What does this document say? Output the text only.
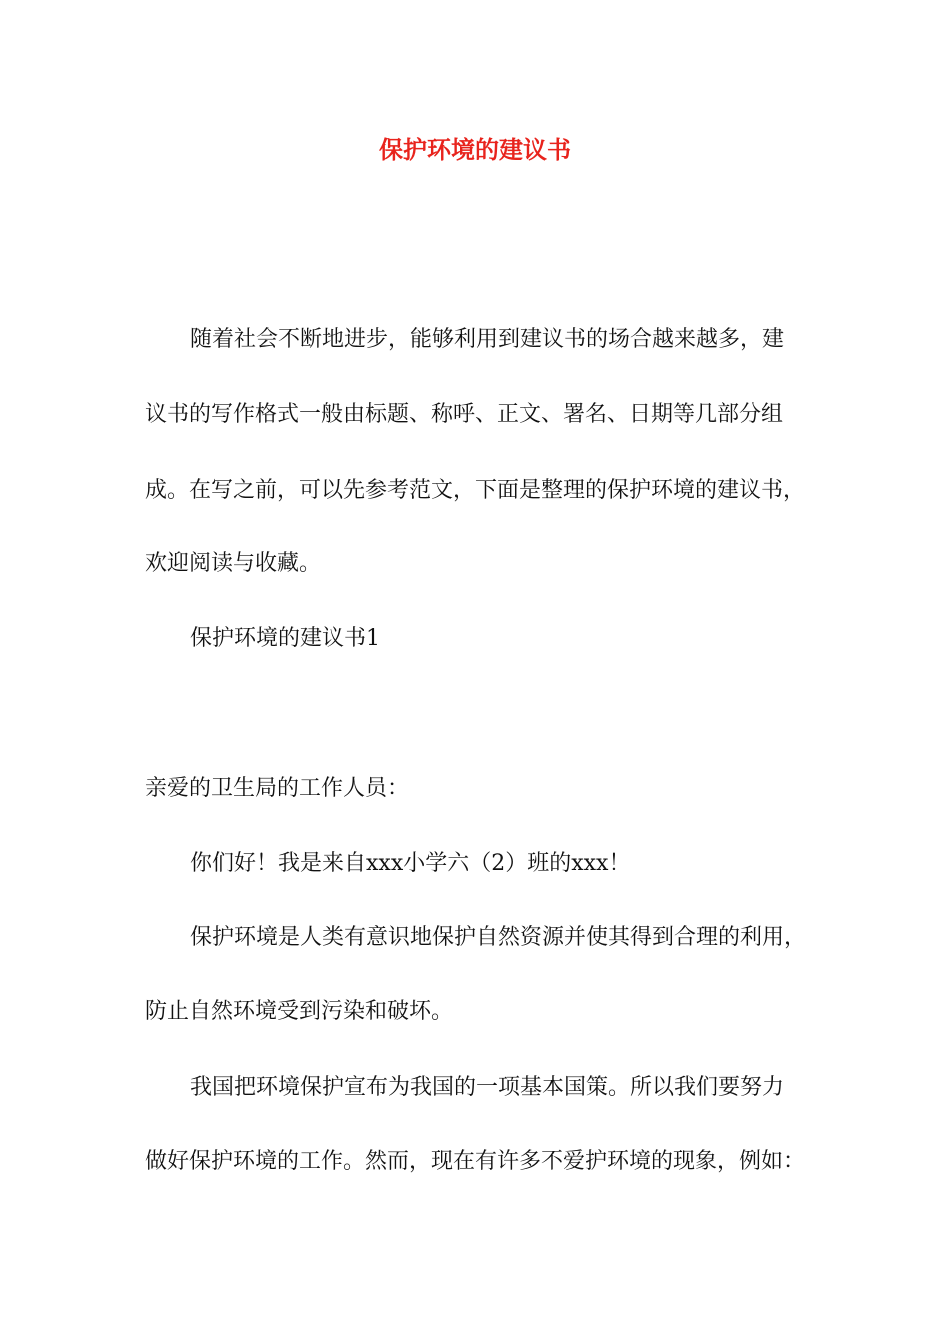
保护环境的建议书
随着社会不断地进步，能够利用到建议书的场合越来越多，建
议书的写作格式一般由标题、称呼、正文、署名、日期等几部分组
成。在写之前，可以先参考范文，下面是整理的保护环境的建议书，
欢迎阅读与收藏。
保护环境的建议书1
亲爱的卫生局的工作人员：
你们好！我是来自xxx小学六（2）班的xxx！
保护环境是人类有意识地保护自然资源并使其得到合理的利用，
防止自然环境受到污染和破坏。
我国把环境保护宣布为我国的一项基本国策。所以我们要努力
做好保护环境的工作。然而，现在有许多不爱护环境的现象，例如：
